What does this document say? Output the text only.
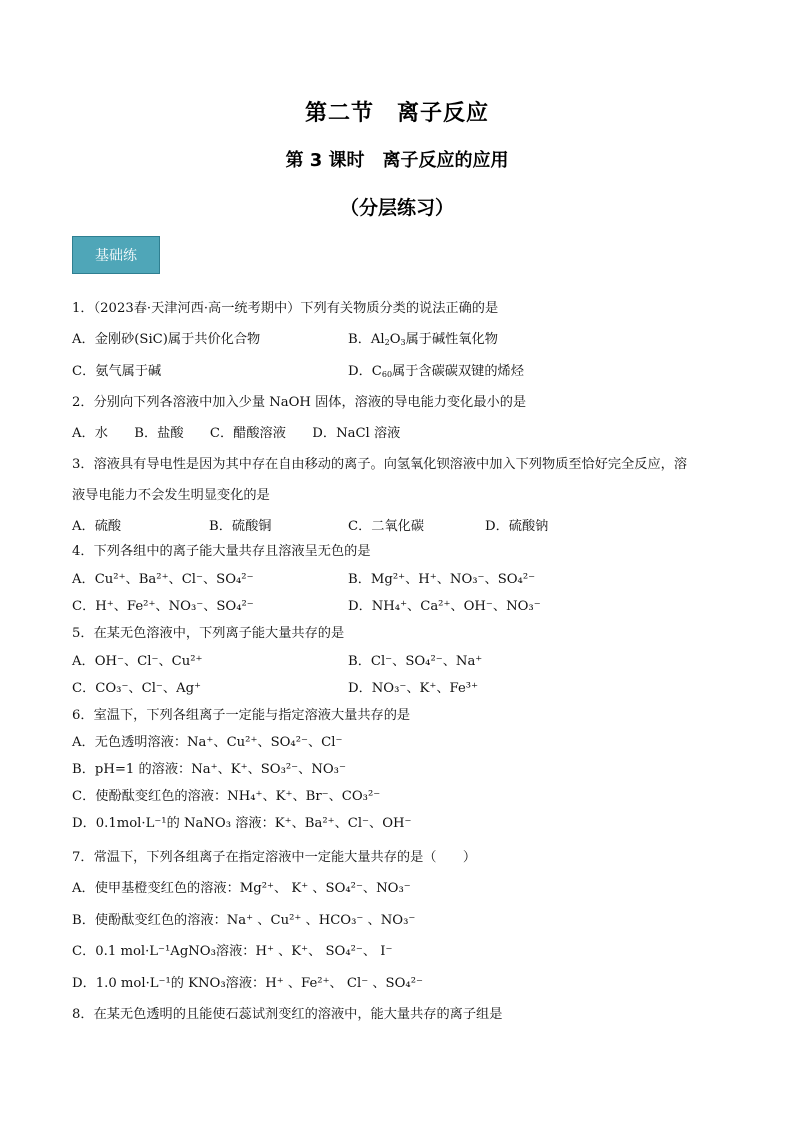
第二节　离子反应
第 3 课时　离子反应的应用
（分层练习）
基础练
1．（2023春·天津河西·高一统考期中）下列有关物质分类的说法正确的是
A．金刚砂(SiC)属于共价化合物	B．$Al_2O_3$属于碱性氧化物
C．氨气属于碱	D．$C_{60}$属于含碳碳双键的烯烃
2．分别向下列各溶液中加入少量 NaOH 固体，溶液的导电能力变化最小的是
A．水　　B．盐酸　　C．醋酸溶液　　D．NaCl 溶液
3．溶液具有导电性是因为其中存在自由移动的离子。向氢氧化钡溶液中加入下列物质至恰好完全反应，溶
液导电能力不会发生明显变化的是
A．硫酸	B．硫酸铜	C．二氧化碳	D．硫酸钠
4．下列各组中的离子能大量共存且溶液呈无色的是
A．Cu²⁺、Ba²⁺、Cl⁻、SO₄²⁻	B．Mg²⁺、H⁺、NO₃⁻、SO₄²⁻
C．H⁺、Fe²⁺、NO₃⁻、SO₄²⁻	D．NH₄⁺、Ca²⁺、OH⁻、NO₃⁻
5．在某无色溶液中，下列离子能大量共存的是
A．OH⁻、Cl⁻、Cu²⁺	B．Cl⁻、SO₄²⁻、Na⁺
C．CO₃⁻、Cl⁻、Ag⁺	D．NO₃⁻、K⁺、Fe³⁺
6．室温下，下列各组离子一定能与指定溶液大量共存的是
A．无色透明溶液：Na⁺、Cu²⁺、SO₄²⁻、Cl⁻
B．pH=1 的溶液：Na⁺、K⁺、SO₃²⁻、NO₃⁻
C．使酚酞变红色的溶液：NH₄⁺、K⁺、Br⁻、CO₃²⁻
D．0.1mol·L⁻¹的 NaNO₃ 溶液：K⁺、Ba²⁺、Cl⁻、OH⁻
7．常温下，下列各组离子在指定溶液中一定能大量共存的是（　　）
A．使甲基橙变红色的溶液：Mg²⁺、 K⁺ 、SO₄²⁻、NO₃⁻
B．使酚酞变红色的溶液：Na⁺ 、Cu²⁺ 、HCO₃⁻ 、NO₃⁻
C．0.1 mol·L⁻¹AgNO₃溶液：H⁺ 、K⁺、 SO₄²⁻、 I⁻
D．1.0 mol·L⁻¹的 KNO₃溶液：H⁺ 、Fe²⁺、 Cl⁻ 、SO₄²⁻
8．在某无色透明的且能使石蕊试剂变红的溶液中，能大量共存的离子组是
